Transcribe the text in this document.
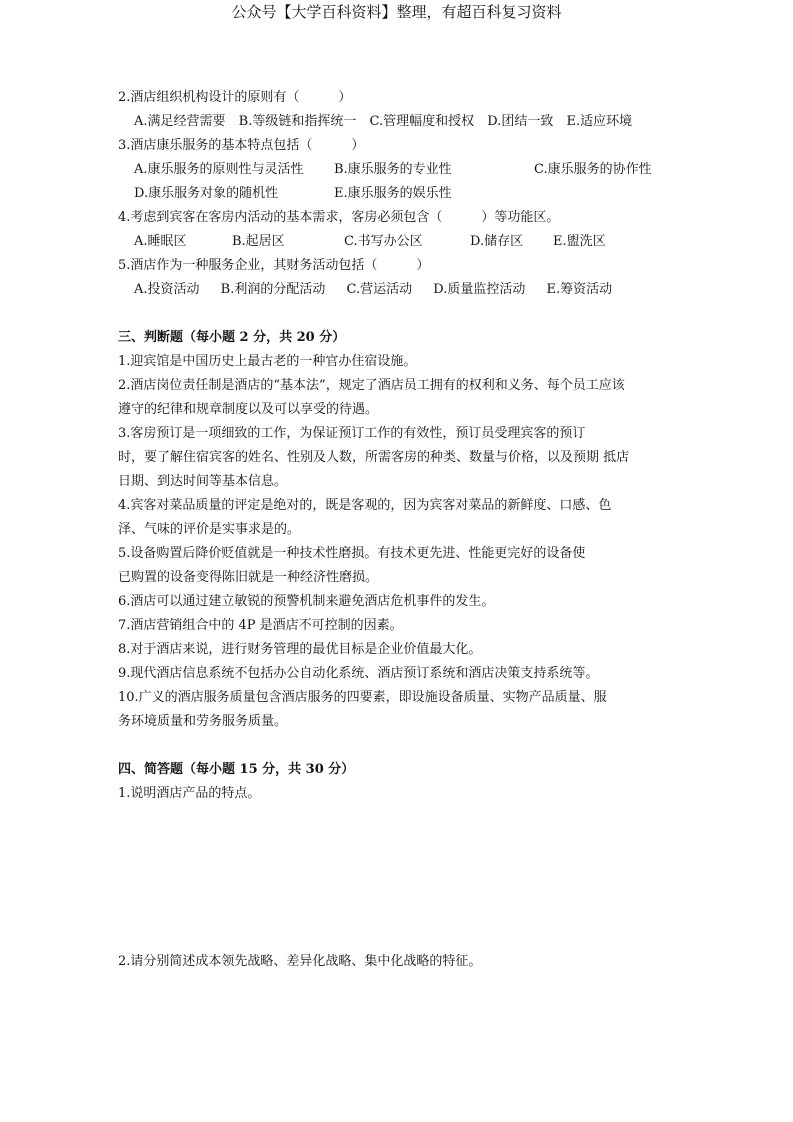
公众号【大学百科资料】整理，有超百科复习资料
2.酒店组织机构设计的原则有（　　　）
A.满足经营需要 B.等级链和指挥统一 C.管理幅度和授权 D.团结一致 E.适应环境
3.酒店康乐服务的基本特点包括（　　　）
A.康乐服务的原则性与灵活性 B.康乐服务的专业性	C.康乐服务的协作性
D.康乐服务对象的随机性	E.康乐服务的娱乐性
4.考虑到宾客在客房内活动的基本需求，客房必须包含（　　　）等功能区。
A.睡眠区	B.起居区	C.书写办公区	D.储存区 E.盥洗区
5.酒店作为一种服务企业，其财务活动包括（　　　）
A.投资活动 B.利润的分配活动 C.营运活动 D.质量监控活动 E.筹资活动
三、判断题（每小题 2 分，共 20 分）
1.迎宾馆是中国历史上最古老的一种官办住宿设施。
2.酒店岗位责任制是酒店的“基本法”，规定了酒店员工拥有的权利和义务、每个员工应该
遵守的纪律和规章制度以及可以享受的待遇。
3.客房预订是一项细致的工作，为保证预订工作的有效性，预订员受理宾客的预订
时，要了解住宿宾客的姓名、性别及人数，所需客房的种类、数量与价格，以及预期 抵店
日期、到达时间等基本信息。
4.宾客对菜品质量的评定是绝对的，既是客观的，因为宾客对菜品的新鲜度、口感、色
泽、气味的评价是实事求是的。
5.设备购置后降价贬值就是一种技术性磨损。有技术更先进、性能更完好的设备使
已购置的设备变得陈旧就是一种经济性磨损。
6.酒店可以通过建立敏锐的预警机制来避免酒店危机事件的发生。
7.酒店营销组合中的 4P 是酒店不可控制的因素。
8.对于酒店来说，进行财务管理的最优目标是企业价值最大化。
9.现代酒店信息系统不包括办公自动化系统、酒店预订系统和酒店决策支持系统等。
10.广义的酒店服务质量包含酒店服务的四要素，即设施设备质量、实物产品质量、服
务环境质量和劳务服务质量。
四、简答题（每小题 15 分，共 30 分）
1.说明酒店产品的特点。
2.请分别简述成本领先战略、差异化战略、集中化战略的特征。
